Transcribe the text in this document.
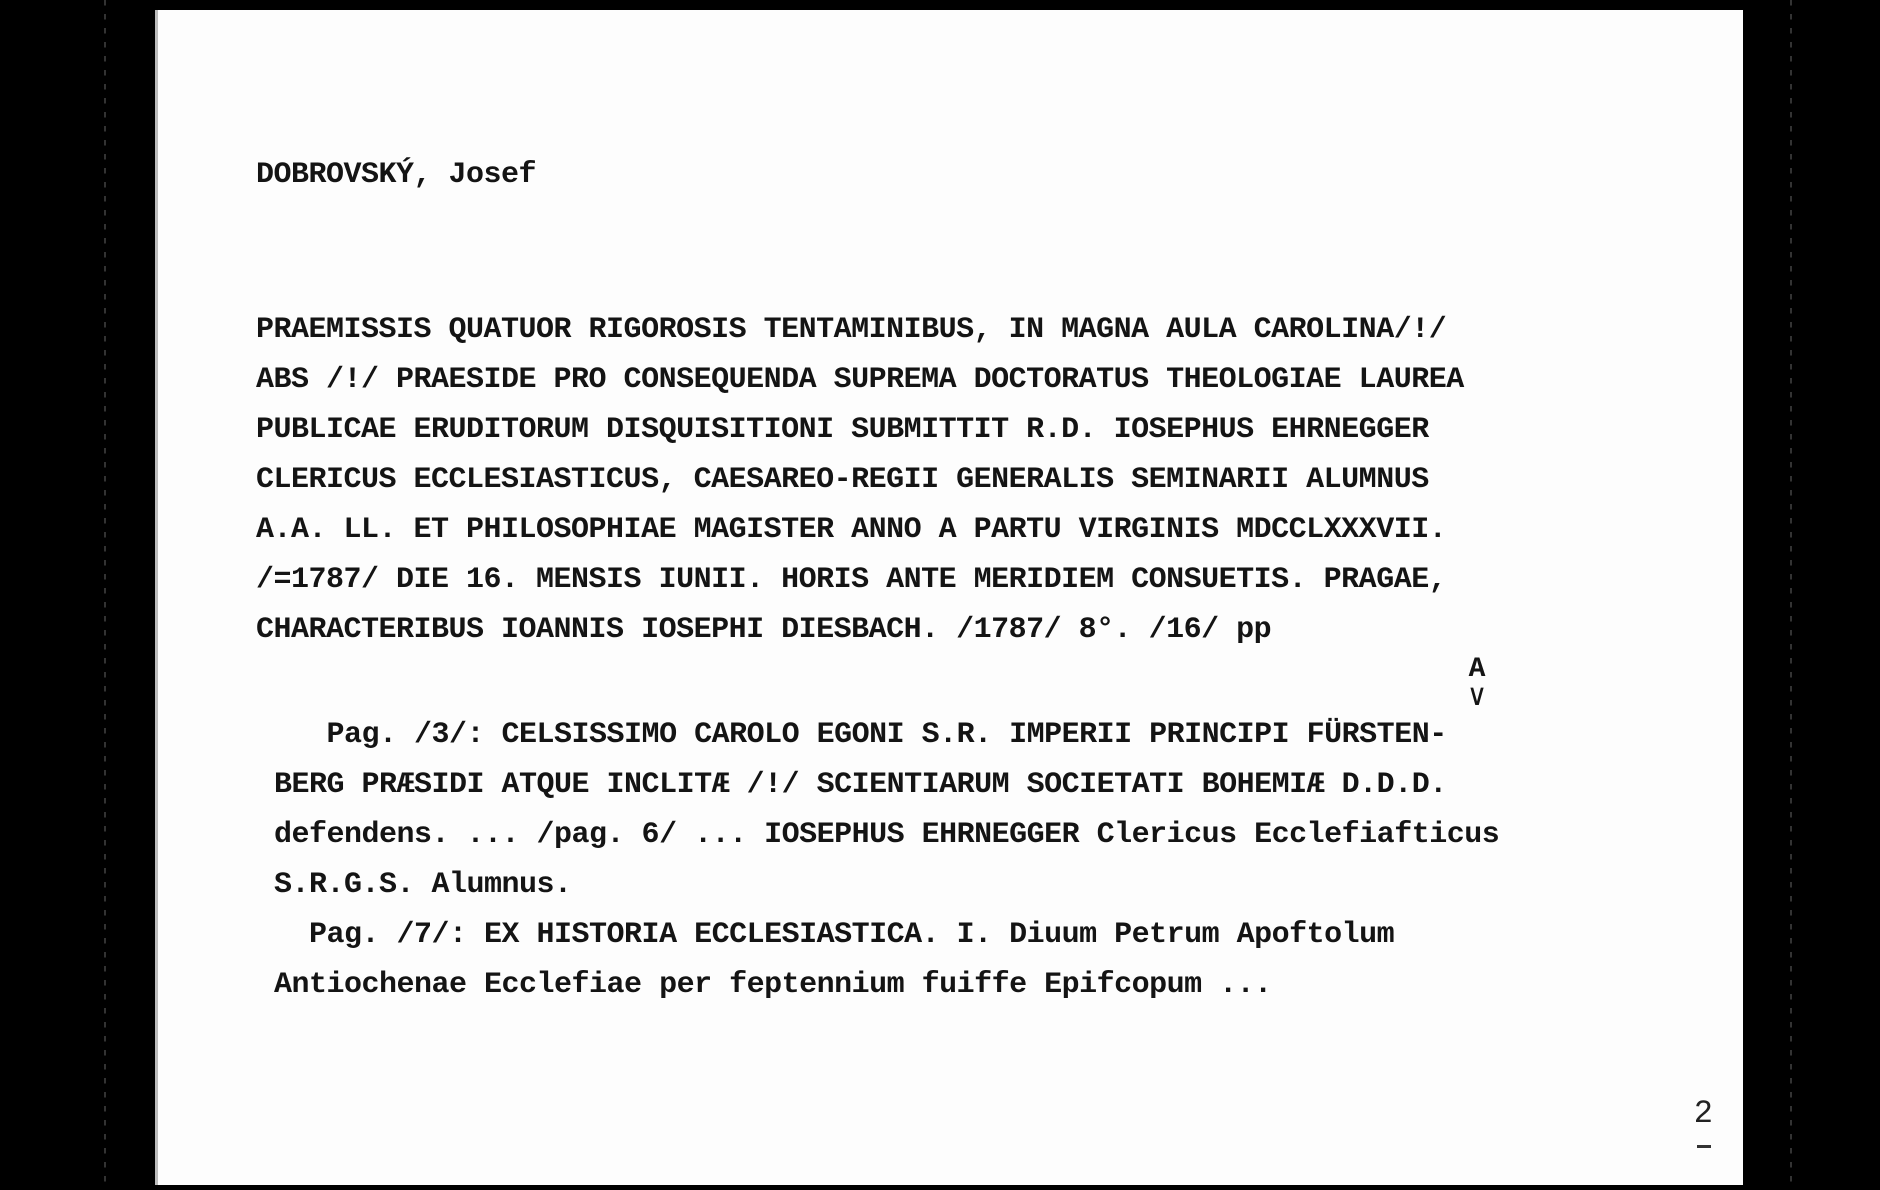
DOBROVSKÝ, Josef
PRAEMISSIS QUATUOR RIGOROSIS TENTAMINIBUS, IN MAGNA AULA CAROLINA/!/
ABS /!/ PRAESIDE PRO CONSEQUENDA SUPREMA DOCTORATUS THEOLOGIAE LAUREA
PUBLICAE ERUDITORUM DISQUISITIONI SUBMITTIT R.D. IOSEPHUS EHRNEGGER
CLERICUS ECCLESIASTICUS, CAESAREO-REGII GENERALIS SEMINARII ALUMNUS
A.A. LL. ET PHILOSOPHIAE MAGISTER ANNO A PARTU VIRGINIS MDCCLXXXVII.
/=1787/ DIE 16. MENSIS IUNII. HORIS ANTE MERIDIEM CONSUETIS. PRAGAE,
CHARACTERIBUS IOANNIS IOSEPHI DIESBACH. /1787/ 8°. /16/ pp
A
∨
Pag. /3/: CELSISSIMO CAROLO EGONI S.R. IMPERII PRINCIPI FÜRSTEN-
BERG PRÆSIDI ATQUE INCLITÆ /!/ SCIENTIARUM SOCIETATI BOHEMIÆ D.D.D.
defendens. ... /pag. 6/ ... IOSEPHUS EHRNEGGER Clericus Ecclefiafticus
S.R.G.S. Alumnus.
Pag. /7/: EX HISTORIA ECCLESIASTICA. I. Diuum Petrum Apoftolum
Antiochenae Ecclefiae per feptennium fuiffe Epifcopum ...
2
